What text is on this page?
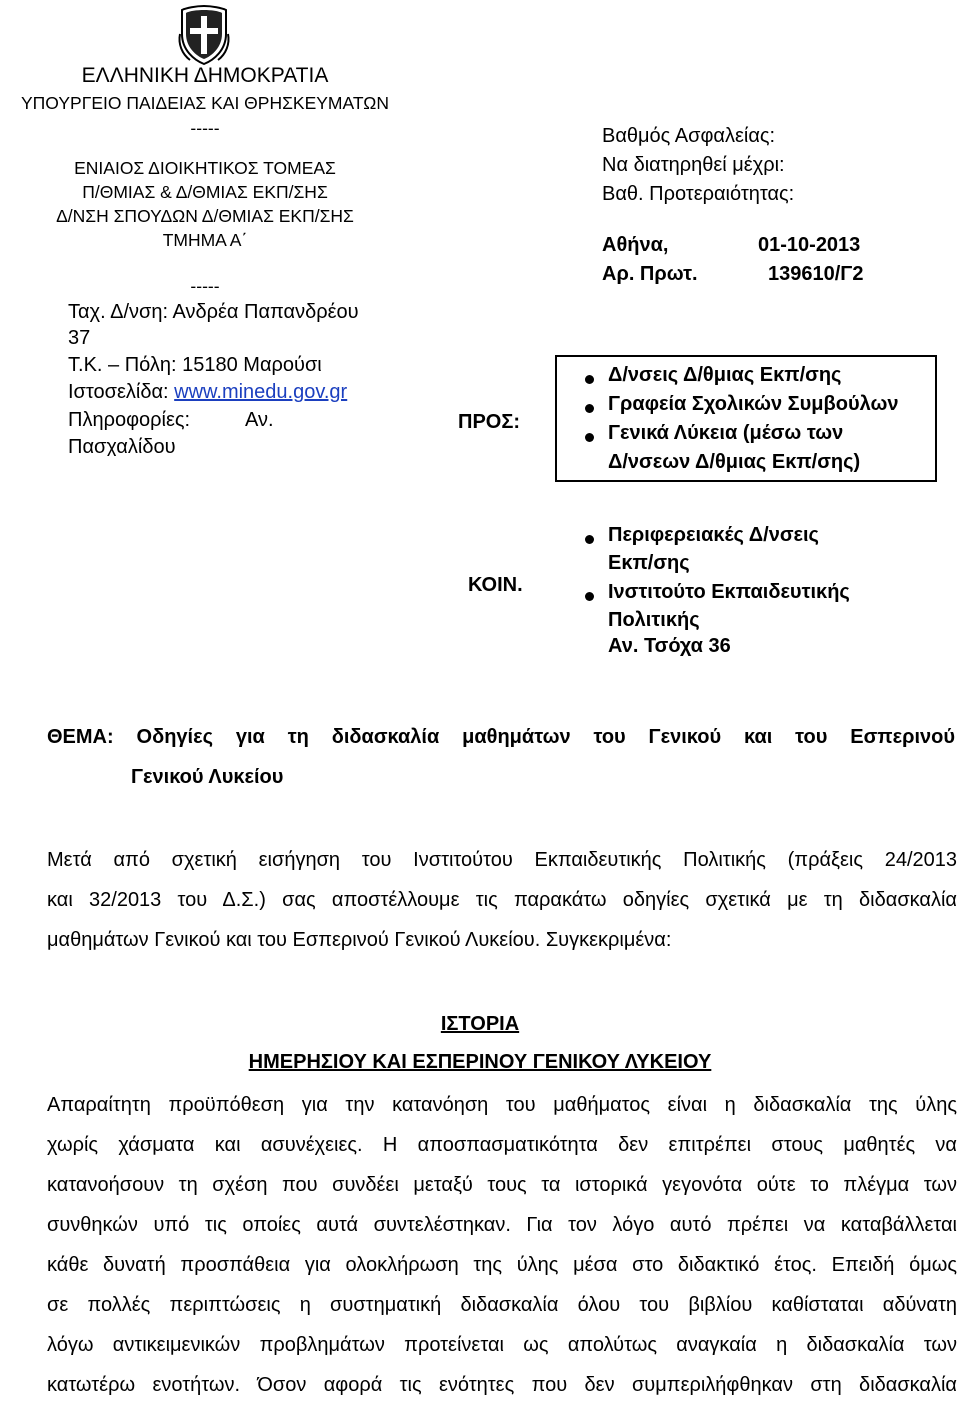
ΕΛΛΗΝΙΚΗ ΔΗΜΟΚΡΑΤΙΑ
ΥΠΟΥΡΓΕΙΟ ΠΑΙΔΕΙΑΣ ΚΑΙ ΘΡΗΣΚΕΥΜΑΤΩΝ
-----
ΕΝΙΑΙΟΣ ΔΙΟΙΚΗΤΙΚΟΣ ΤΟΜΕΑΣ
Π/ΘΜΙΑΣ & Δ/ΘΜΙΑΣ ΕΚΠ/ΣΗΣ
Δ/ΝΣΗ ΣΠΟΥΔΩΝ Δ/ΘΜΙΑΣ ΕΚΠ/ΣΗΣ
ΤΜΗΜΑ Α΄
-----
Ταχ. Δ/νση: Ανδρέα Παπανδρέου
37
Τ.Κ. – Πόλη: 15180 Μαρούσι
Ιστοσελίδα: www.minedu.gov.gr
Πληροφορίες:	Αν.
Πασχαλίδου
Βαθμός Ασφαλείας:
Να διατηρηθεί μέχρι:
Βαθ. Προτεραιότητας:
Αθήνα,	01-10-2013
Αρ. Πρωτ.	139610/Γ2
ΠΡΟΣ:
Δ/νσεις Δ/θμιας Εκπ/σης
Γραφεία Σχολικών Συμβούλων
Γενικά Λύκεια (μέσω των
Δ/νσεων Δ/θμιας Εκπ/σης)
ΚΟΙΝ.
Περιφερειακές Δ/νσεις
Εκπ/σης
Ινστιτούτο Εκπαιδευτικής
Πολιτικής
Αν. Τσόχα 36
ΘΕΜΑ: Οδηγίες για τη διδασκαλία μαθημάτων του Γενικού και του Εσπερινού
Γενικού Λυκείου
Μετά από σχετική εισήγηση του Ινστιτούτου Εκπαιδευτικής Πολιτικής (πράξεις 24/2013
και 32/2013 του Δ.Σ.) σας αποστέλλουμε τις παρακάτω οδηγίες σχετικά με τη διδασκαλία
μαθημάτων Γενικού και του Εσπερινού Γενικού Λυκείου. Συγκεκριμένα:
ΙΣΤΟΡΙΑ
ΗΜΕΡΗΣΙΟΥ ΚΑΙ ΕΣΠΕΡΙΝΟΥ ΓΕΝΙΚΟΥ ΛΥΚΕΙΟΥ
Απαραίτητη προϋπόθεση για την κατανόηση του μαθήματος είναι η διδασκαλία της ύλης
χωρίς χάσματα και ασυνέχειες. Η αποσπασματικότητα δεν επιτρέπει στους μαθητές να
κατανοήσουν τη σχέση που συνδέει μεταξύ τους τα ιστορικά γεγονότα ούτε το πλέγμα των
συνθηκών υπό τις οποίες αυτά συντελέστηκαν. Για τον λόγο αυτό πρέπει να καταβάλλεται
κάθε δυνατή προσπάθεια για ολοκλήρωση της ύλης μέσα στο διδακτικό έτος. Επειδή όμως
σε πολλές περιπτώσεις η συστηματική διδασκαλία όλου του βιβλίου καθίσταται αδύνατη
λόγω αντικειμενικών προβλημάτων προτείνεται ως απολύτως αναγκαία η διδασκαλία των
κατωτέρω ενοτήτων. Όσον αφορά τις ενότητες που δεν συμπεριλήφθηκαν στη διδασκαλία
